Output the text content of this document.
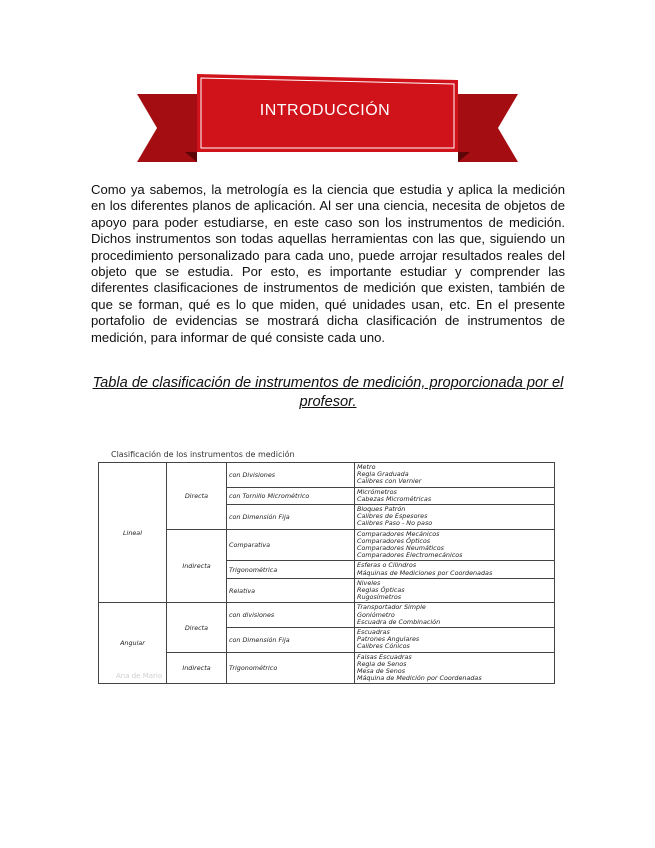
INTRODUCCIÓN

Como ya sabemos, la metrología es la ciencia que estudia y aplica la medición en los diferentes planos de aplicación. Al ser una ciencia, necesita de objetos de apoyo para poder estudiarse, en este caso son los instrumentos de medición. Dichos instrumentos son todas aquellas herramientas con las que, siguiendo un procedimiento personalizado para cada uno, puede arrojar resultados reales del objeto que se estudia. Por esto, es importante estudiar y comprender las diferentes clasificaciones de instrumentos de medición que existen, también de que se forman, qué es lo que miden, qué unidades usan, etc. En el presente portafolio de evidencias se mostrará dicha clasificación de instrumentos de medición, para informar de qué consiste cada uno.

Tabla de clasificación de instrumentos de medición, proporcionada por el profesor.

Clasificación de los instrumentos de medición
Lineal	Directa	con Divisiones	Metro
Regla Graduada
Calibres con Vernier

		con Tornillo Micrométrico	Micrómetros
Cabezas Micrométricas

		con Dimensión Fija	Bloques Patrón
Calibres de Espesores
Calibres Paso - No paso

	Indirecta	Comparativa	Comparadores Mecánicos
Comparadores Ópticos
Comparadores Neumáticos
Comparadores Electromecánicos

		Trigonométrica	Esferas o Cilindros
Máquinas de Mediciones por Coordenadas

		Relativa	Niveles
Reglas Ópticas
Rugosímetros

Angular	Directa	con divisiones	Transportador Simple
Goniómetro
Escuadra de Combinación

		con Dimensión Fija	Escuadras
Patrones Angulares
Calibres Cónicos

	Indirecta	Trigonométrico	Falsas Escuadras
Regla de Senos
Mesa de Senos
Máquina de Medición por Coordenadas
Ana de Mario
